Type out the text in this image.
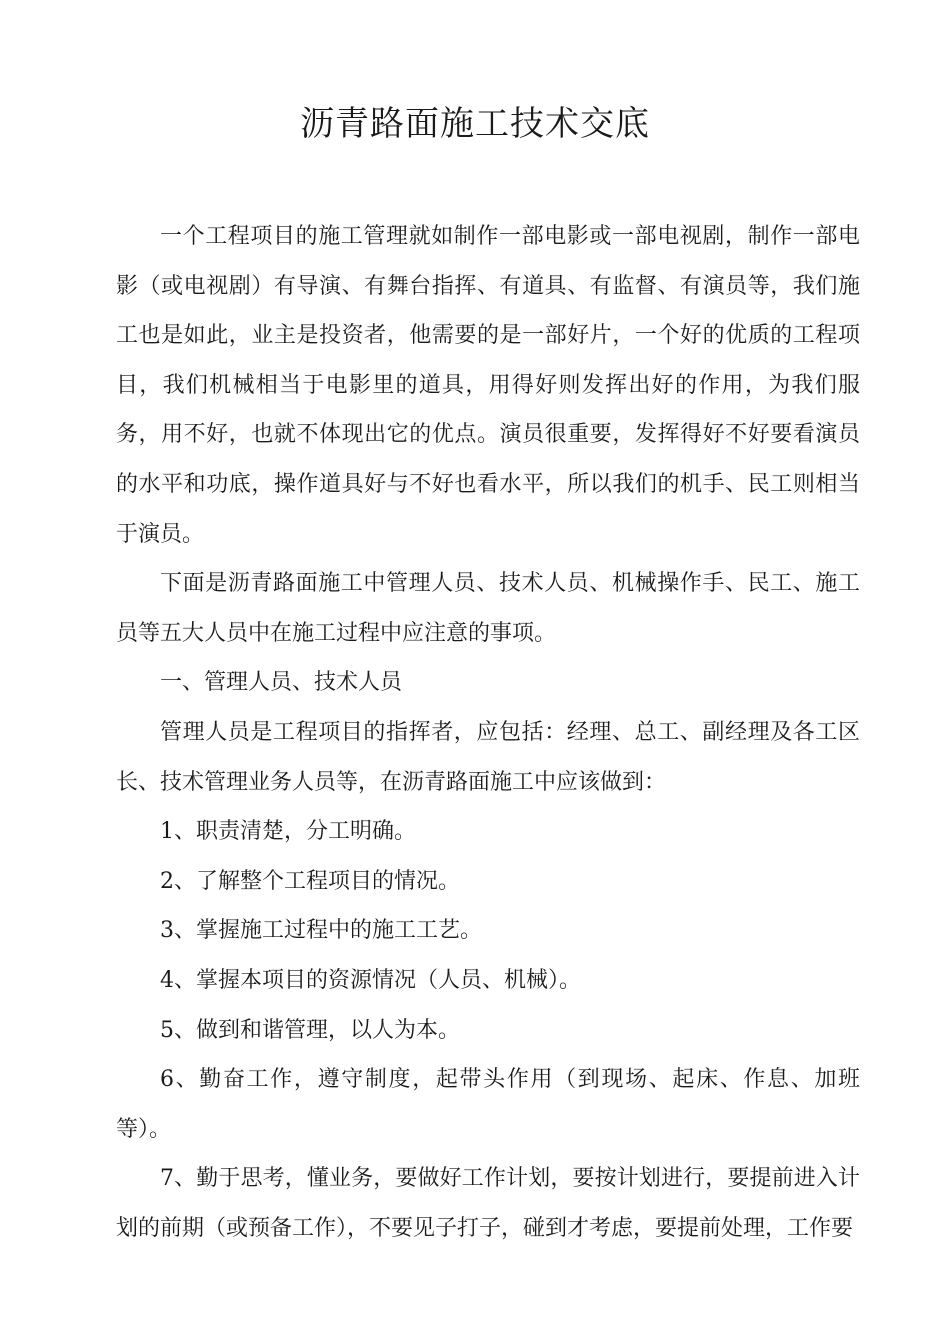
沥青路面施工技术交底

一个工程项目的施工管理就如制作一部电影或一部电视剧，制作一部电影（或电视剧）有导演、有舞台指挥、有道具、有监督、有演员等，我们施工也是如此，业主是投资者，他需要的是一部好片，一个好的优质的工程项目，我们机械相当于电影里的道具，用得好则发挥出好的作用，为我们服务，用不好，也就不体现出它的优点。演员很重要，发挥得好不好要看演员的水平和功底，操作道具好与不好也看水平，所以我们的机手、民工则相当于演员。

下面是沥青路面施工中管理人员、技术人员、机械操作手、民工、施工员等五大人员中在施工过程中应注意的事项。

一、管理人员、技术人员

管理人员是工程项目的指挥者，应包括：经理、总工、副经理及各工区长、技术管理业务人员等，在沥青路面施工中应该做到：

1、职责清楚，分工明确。

2、了解整个工程项目的情况。

3、掌握施工过程中的施工工艺。

4、掌握本项目的资源情况（人员、机械）。

5、做到和谐管理，以人为本。

6、勤奋工作，遵守制度，起带头作用（到现场、起床、作息、加班等）。

7、勤于思考，懂业务，要做好工作计划，要按计划进行，要提前进入计划的前期（或预备工作），不要见子打子，碰到才考虑，要提前处理，工作要
